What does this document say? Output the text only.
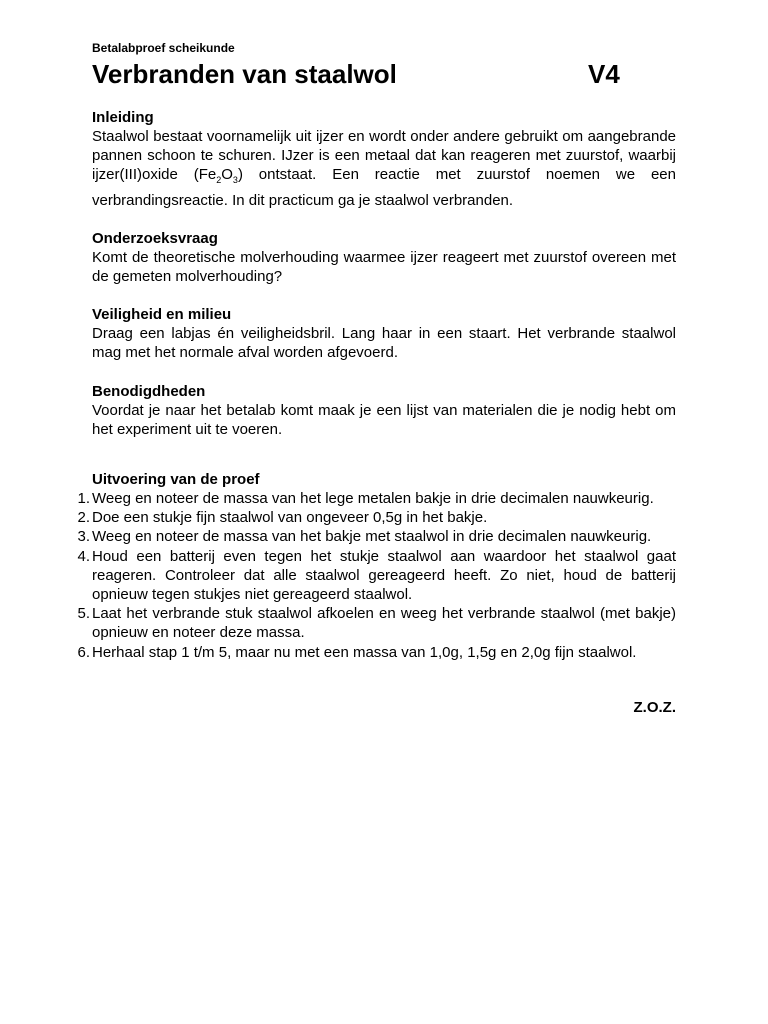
Betalabproef scheikunde
Verbranden van staalwol	V4
Inleiding

Staalwol bestaat voornamelijk uit ijzer en wordt onder andere gebruikt om aangebrande pannen schoon te schuren. IJzer is een metaal dat kan reageren met zuurstof, waarbij ijzer(III)oxide $(Fe_2O_3)$ ontstaat. Een reactie met zuurstof noemen we een verbrandingsreactie. In dit practicum ga je staalwol verbranden.

Onderzoeksvraag

Komt de theoretische molverhouding waarmee ijzer reageert met zuurstof overeen met de gemeten molverhouding?

Veiligheid en milieu

Draag een labjas én veiligheidsbril. Lang haar in een staart. Het verbrande staalwol mag met het normale afval worden afgevoerd.

Benodigdheden

Voordat je naar het betalab komt maak je een lijst van materialen die je nodig hebt om het experiment uit te voeren.

Uitvoering van de proef
1. Weeg en noteer de massa van het lege metalen bakje in drie decimalen nauwkeurig.
2. Doe een stukje fijn staalwol van ongeveer 0,5g in het bakje.
3. Weeg en noteer de massa van het bakje met staalwol in drie decimalen nauwkeurig.
4. Houd een batterij even tegen het stukje staalwol aan waardoor het staalwol gaat reageren. Controleer dat alle staalwol gereageerd heeft. Zo niet, houd de batterij opnieuw tegen stukjes niet gereageerd staalwol.
5. Laat het verbrande stuk staalwol afkoelen en weeg het verbrande staalwol (met bakje) opnieuw en noteer deze massa.
6. Herhaal stap 1 t/m 5, maar nu met een massa van 1,0g, 1,5g en 2,0g fijn staalwol.
Z.O.Z.
